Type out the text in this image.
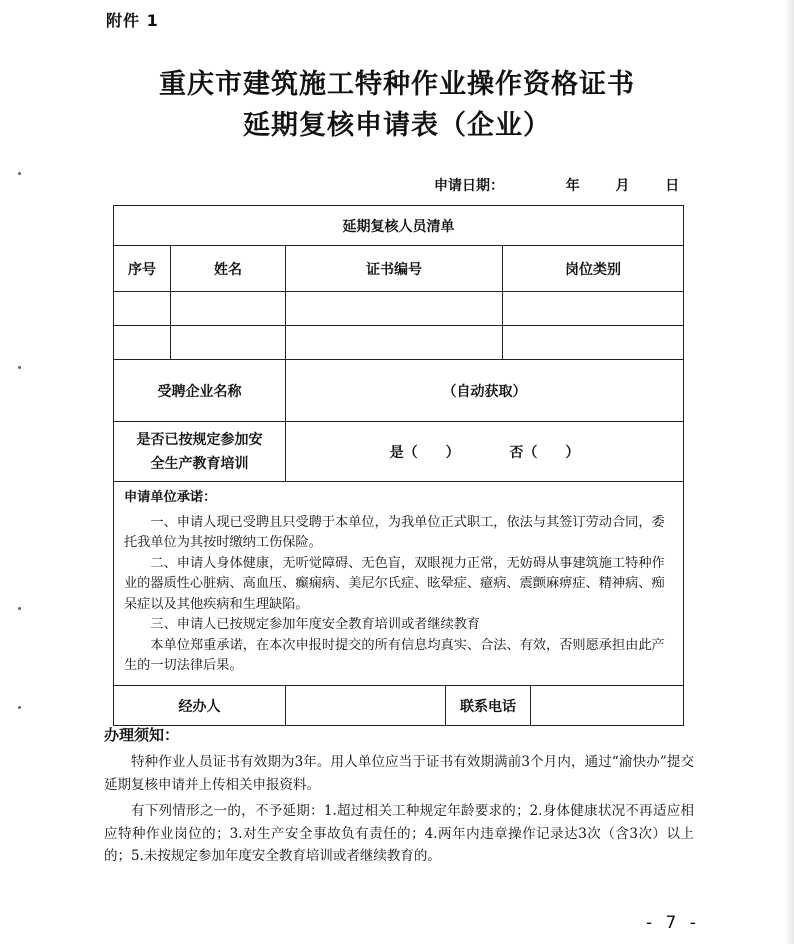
附件 1
重庆市建筑施工特种作业操作资格证书
延期复核申请表（企业）
申请日期：	年	月	日
延期复核人员清单					
序号	姓名	证书编号		岗位类别	

受聘企业名称		（自动获取）			

是否已按规定参加安
全生产教育培训		是（　　） 否（　　）			

申请单位承诺：

一、申请人现已受聘且只受聘于本单位，为我单位正式职工，依法与其签订劳动合同，委托我单位为其按时缴纳工伤保险。

二、申请人身体健康，无听觉障碍、无色盲，双眼视力正常，无妨碍从事建筑施工特种作业的器质性心脏病、高血压、癫痫病、美尼尔氏症、眩晕症、癔病、震颤麻痹症、精神病、痴呆症以及其他疾病和生理缺陷。

三、申请人已按规定参加年度安全教育培训或者继续教育

本单位郑重承诺，在本次申报时提交的所有信息均真实、合法、有效，否则愿承担由此产生的一切法律后果。					

经办人			联系电话		
办理须知：

特种作业人员证书有效期为3年。用人单位应当于证书有效期满前3个月内，通过“渝快办”提交延期复核申请并上传相关申报资料。

有下列情形之一的，不予延期：1.超过相关工种规定年龄要求的；2.身体健康状况不再适应相应特种作业岗位的；3.对生产安全事故负有责任的；4.两年内违章操作记录达3次（含3次）以上的；5.未按规定参加年度安全教育培训或者继续教育的。

- 7 -
